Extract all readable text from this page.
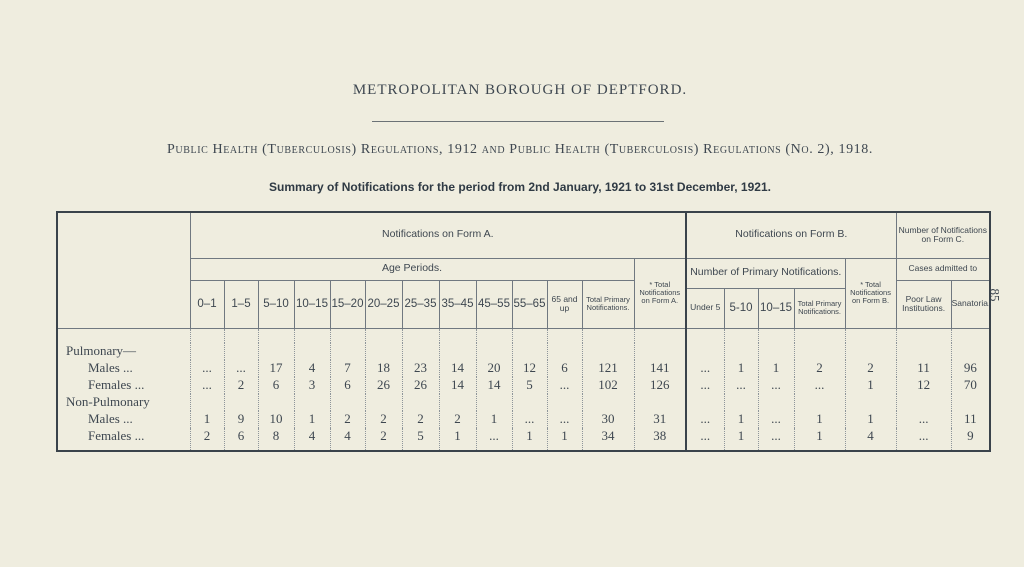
METROPOLITAN BOROUGH OF DEPTFORD.
Public Health (Tuberculosis) Regulations, 1912 and Public Health (Tuberculosis) Regulations (No. 2), 1918.
Summary of Notifications for the period from 2nd January, 1921 to 31st December, 1921.
85
	Notifications on Form A.													Notifications on Form B.					Number of Notifications on Form C.	
	Age Periods.												* Total Notifications on Form A.	Number of Primary Notifications.				* Total Notifications on Form B.	Cases admitted to	
	0–1	1–5	5–10	10–15	15–20	20–25	25–35	35–45	45–55	55–65	65 and up	Total Primary Notifications.							Poor Law Institutions.	Sanatoria.
														Under 5	5-10	10–15	Total Primary Notifications.			

Pulmonary—																				
Males ...	...	...	17	4	7	18	23	14	20	12	6	121	141	...	1	1	2	2	11	96
Females ...	...	2	6	3	6	26	26	14	14	5	...	102	126	...	...	...	...	1	12	70
Non-Pulmonary																				
Males ...	1	9	10	1	2	2	2	2	1	...	...	30	31	...	1	...	1	1	...	11
Females ...	2	6	8	4	4	2	5	1	...	1	1	34	38	...	1	...	1	4	...	9
